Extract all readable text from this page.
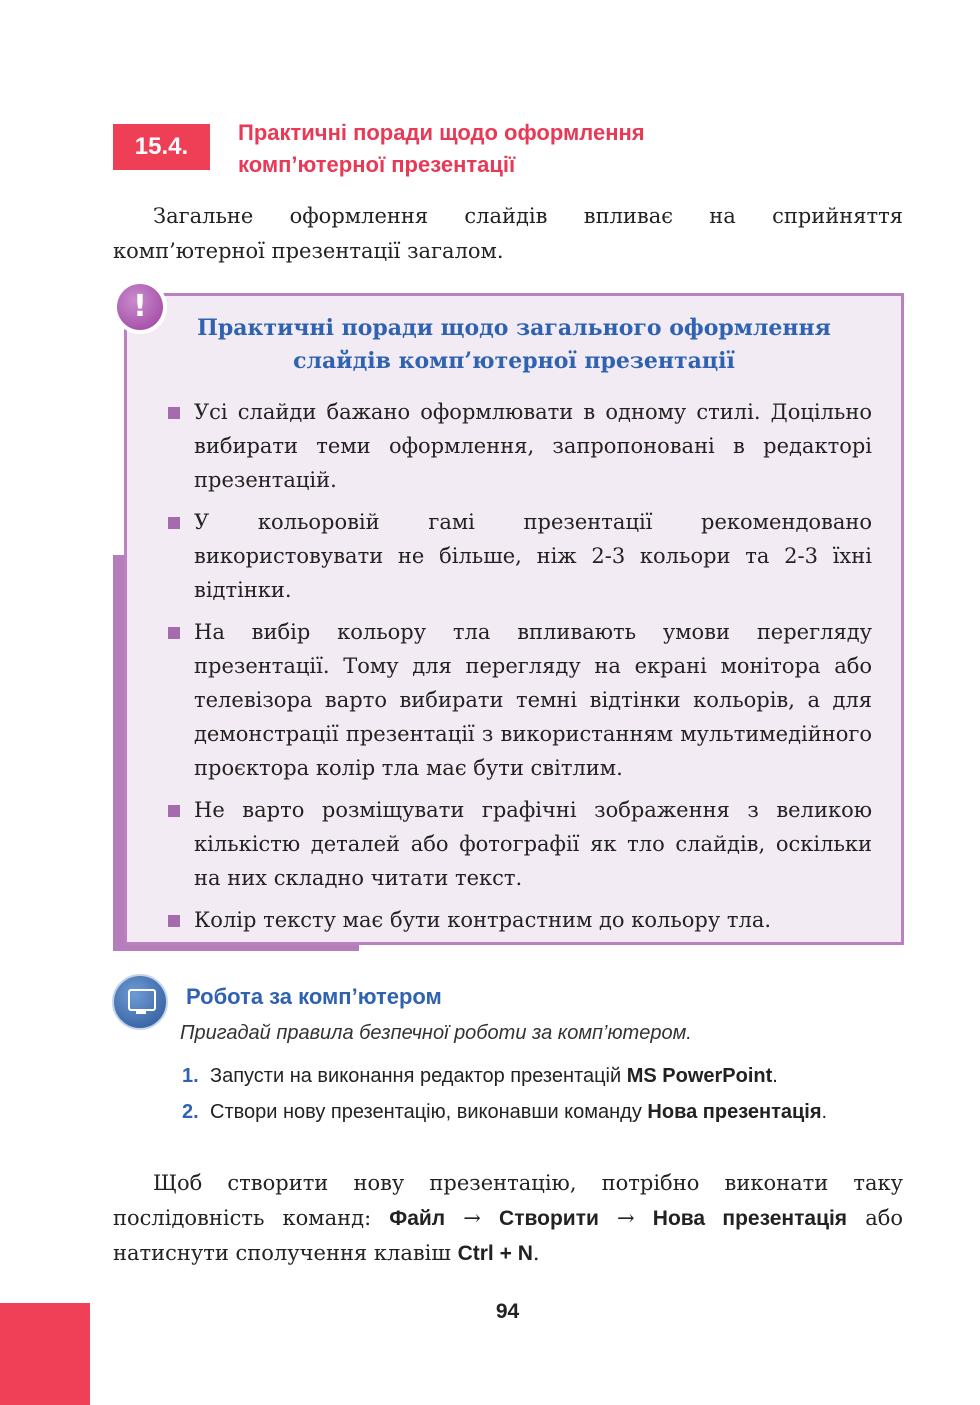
15.4.
Практичні поради щодо оформлення
комп’ютерної презентації

Загальне оформлення слайдів впливає на сприйняття комп’ютерної презентації загалом.

!
Практичні поради щодо загального оформлення
слайдів комп’ютерної презентації
Усі слайди бажано оформлювати в одному стилі. Доцільно вибирати теми оформлення, запропоновані в редакторі презентацій.
У кольоровій гамі презентації рекомендовано використовувати не більше, ніж 2-3 кольори та 2-3 їхні відтінки.
На вибір кольору тла впливають умови перегляду презентації. Тому для перегляду на екрані монітора або телевізора варто вибирати темні відтінки кольорів, а для демонстрації презентації з використанням мультимедійного проєктора колір тла має бути світлим.
Не варто розміщувати графічні зображення з великою кількістю деталей або фотографії як тло слайдів, оскільки на них складно читати текст.
Колір тексту має бути контрастним до кольору тла.
Робота за комп’ютером
Пригадай правила безпечної роботи за комп’ютером.
1. Запусти на виконання редактор презентацій MS PowerPoint.
2. Створи нову презентацію, виконавши команду Нова презентація.

Щоб створити нову презентацію, потрібно виконати таку послідовність команд: Файл → Створити → Нова презентація або натиснути сполучення клавіш Ctrl + N.

94
